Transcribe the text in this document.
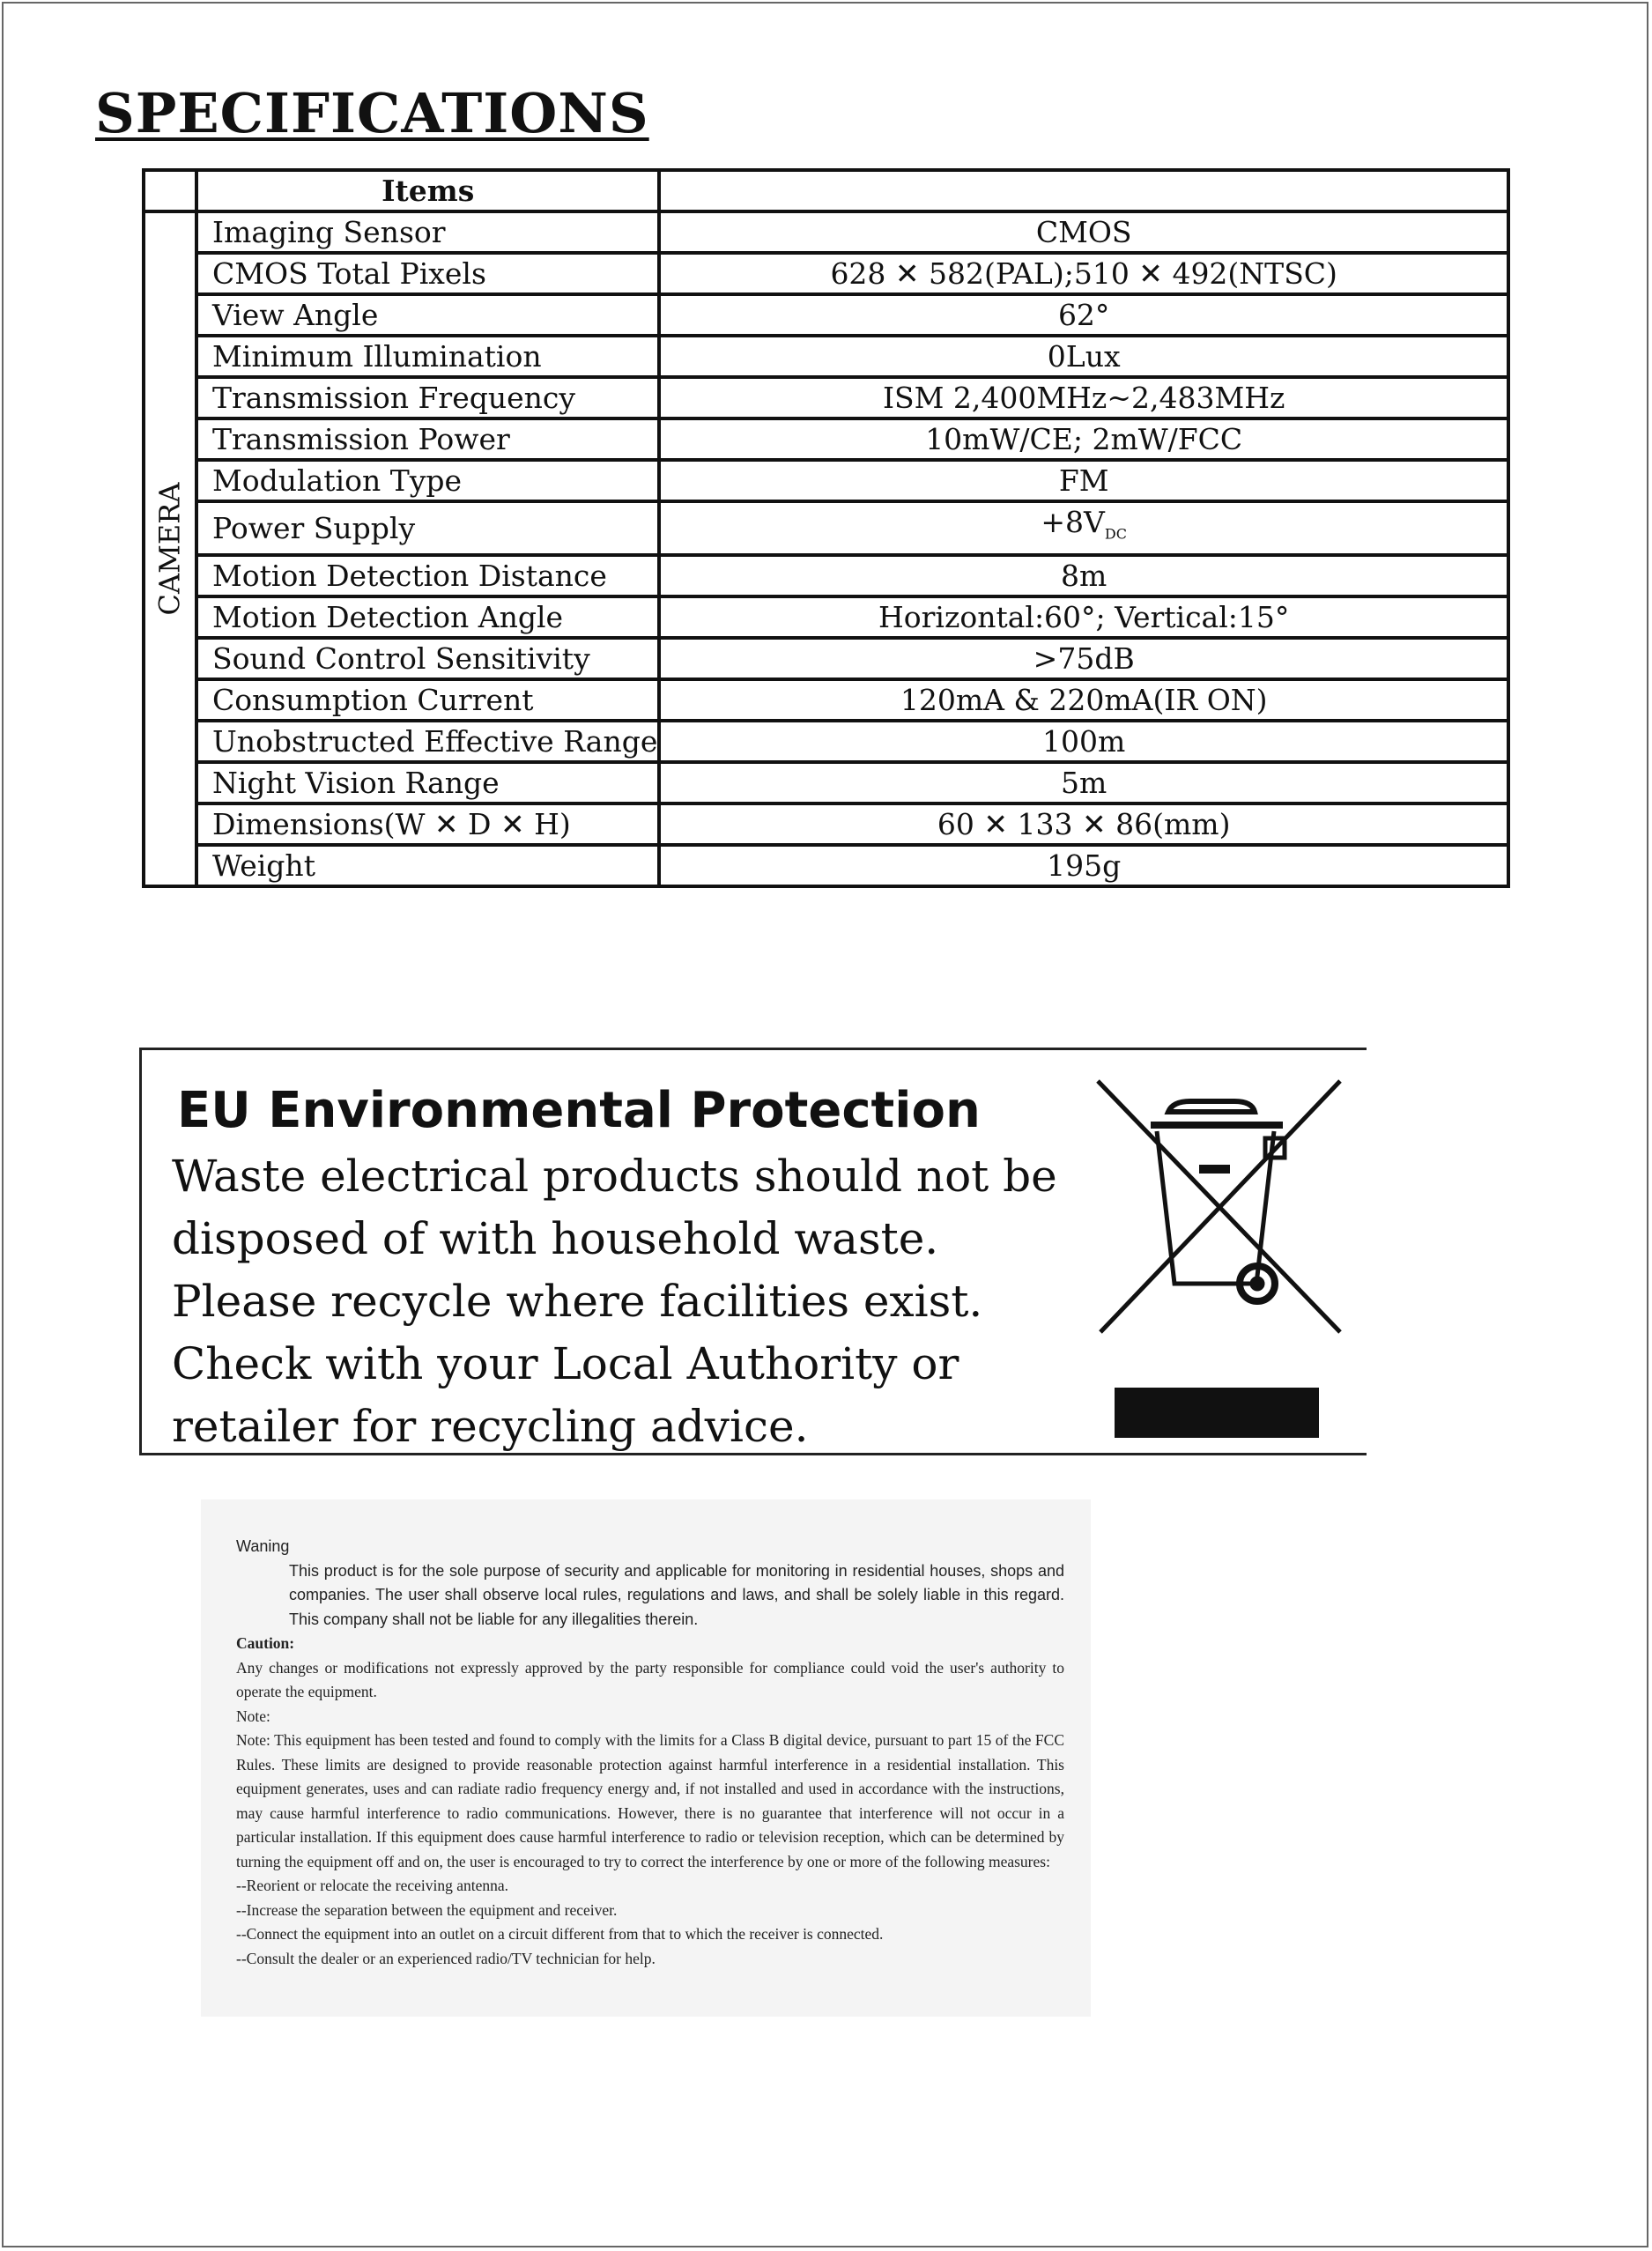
SPECIFICATIONS
	Items	

CAMERA	Imaging Sensor	CMOS
	CMOS Total Pixels	628 ✕ 582(PAL);510 ✕ 492(NTSC)
	View Angle	62°
	Minimum Illumination	0Lux
	Transmission Frequency	ISM 2,400MHz~2,483MHz
	Transmission Power	10mW/CE; 2mW/FCC
	Modulation Type	FM
	Power Supply	$+8V_{DC}$
	Motion Detection Distance	8m
	Motion Detection Angle	Horizontal:60°; Vertical:15°
	Sound Control Sensitivity	>75dB
	Consumption Current	120mA & 220mA(IR ON)
	Unobstructed Effective Range	100m
	Night Vision Range	5m
	Dimensions(W ✕ D ✕ H)	60 ✕ 133 ✕ 86(mm)
	Weight	195g
EU Environmental Protection
Waste electrical products should not be disposed of with household waste. Please recycle where facilities exist. Check with your Local Authority or retailer for recycling advice.
Waning

This product is for the sole purpose of security and applicable for monitoring in residential houses, shops and companies. The user shall observe local rules, regulations and laws, and shall be solely liable in this regard. This company shall not be liable for any illegalities therein.

Caution:

Any changes or modifications not expressly approved by the party responsible for compliance could void the user's authority to operate the equipment.

Note:

Note: This equipment has been tested and found to comply with the limits for a Class B digital device, pursuant to part 15 of the FCC Rules. These limits are designed to provide reasonable protection against harmful interference in a residential installation. This equipment generates, uses and can radiate radio frequency energy and, if not installed and used in accordance with the instructions, may cause harmful interference to radio communications. However, there is no guarantee that interference will not occur in a particular installation. If this equipment does cause harmful interference to radio or television reception, which can be determined by turning the equipment off and on, the user is encouraged to try to correct the interference by one or more of the following measures:

--Reorient or relocate the receiving antenna.
--Increase the separation between the equipment and receiver.
--Connect the equipment into an outlet on a circuit different from that to which the receiver is connected.
--Consult the dealer or an experienced radio/TV technician for help.
